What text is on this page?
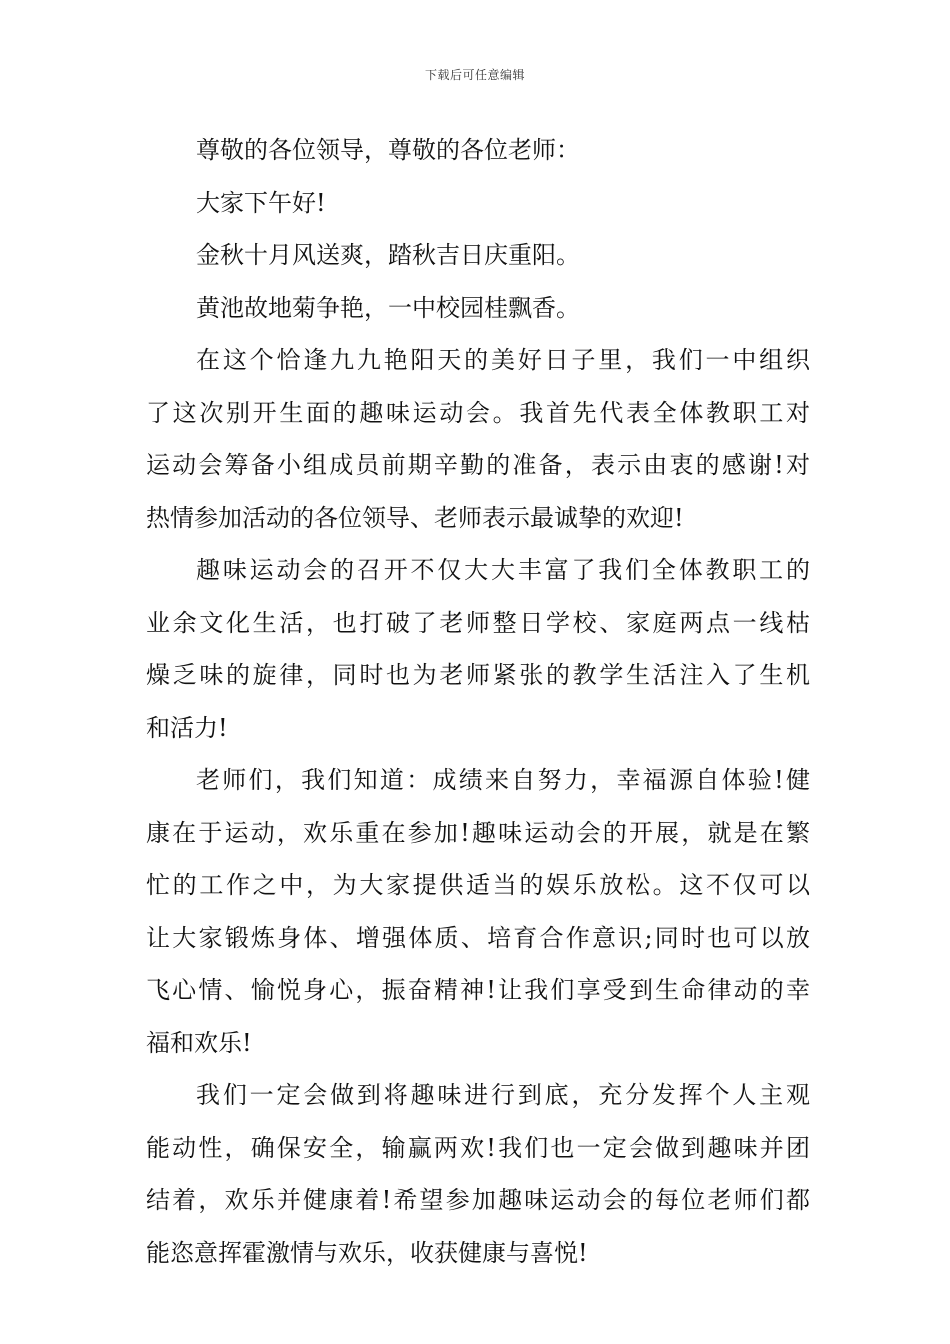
下载后可任意编辑
尊敬的各位领导，尊敬的各位老师：
大家下午好!
金秋十月风送爽，踏秋吉日庆重阳。
黄池故地菊争艳，一中校园桂飘香。
在这个恰逢九九艳阳天的美好日子里，我们一中组织
了这次别开生面的趣味运动会。我首先代表全体教职工对
运动会筹备小组成员前期辛勤的准备，表示由衷的感谢!对
热情参加活动的各位领导、老师表示最诚挚的欢迎!
趣味运动会的召开不仅大大丰富了我们全体教职工的
业余文化生活，也打破了老师整日学校、家庭两点一线枯
燥乏味的旋律，同时也为老师紧张的教学生活注入了生机
和活力!
老师们，我们知道：成绩来自努力，幸福源自体验!健
康在于运动，欢乐重在参加!趣味运动会的开展，就是在繁
忙的工作之中，为大家提供适当的娱乐放松。这不仅可以
让大家锻炼身体、增强体质、培育合作意识;同时也可以放
飞心情、愉悦身心，振奋精神!让我们享受到生命律动的幸
福和欢乐!
我们一定会做到将趣味进行到底，充分发挥个人主观
能动性，确保安全，输赢两欢!我们也一定会做到趣味并团
结着，欢乐并健康着!希望参加趣味运动会的每位老师们都
能恣意挥霍激情与欢乐，收获健康与喜悦!
